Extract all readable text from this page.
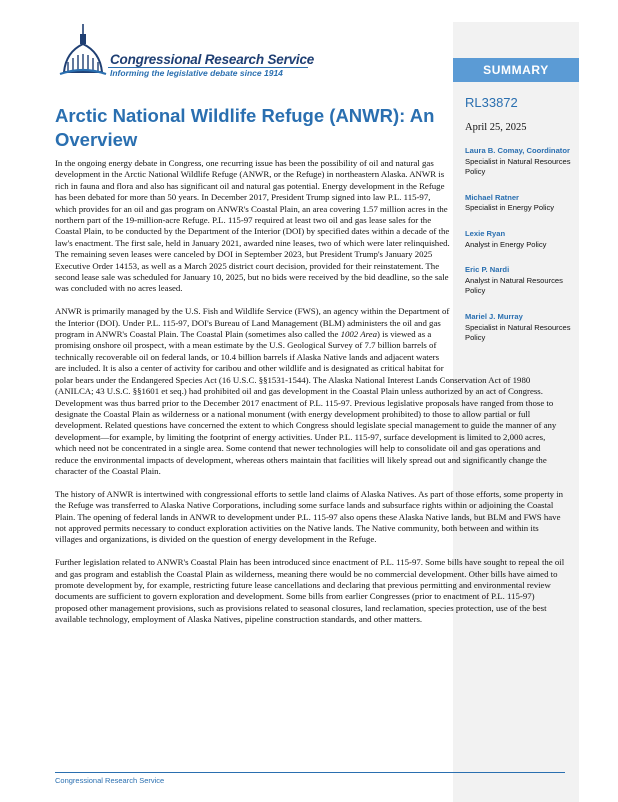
Congressional Research Service
Informing the legislative debate since 1914	SUMMARY
RL33872
April 25, 2025
Laura B. Comay, Coordinator
Specialist in Natural Resources Policy
Michael Ratner
Specialist in Energy Policy
Lexie Ryan
Analyst in Energy Policy
Eric P. Nardi
Analyst in Natural Resources Policy
Mariel J. Murray
Specialist in Natural Resources Policy
Arctic National Wildlife Refuge (ANWR): An Overview

In the ongoing energy debate in Congress, one recurring issue has been the possibility of oil and natural gas development in the Arctic National Wildlife Refuge (ANWR, or the Refuge) in northeastern Alaska. ANWR is rich in fauna and flora and also has significant oil and natural gas potential. Energy development in the Refuge has been debated for more than 50 years. In December 2017, President Trump signed into law P.L. 115-97, which provides for an oil and gas program on ANWR's Coastal Plain, an area covering 1.57 million acres in the northern part of the 19-million-acre Refuge. P.L. 115-97 required at least two oil and gas lease sales for the Coastal Plain, to be conducted by the Department of the Interior (DOI) by specified dates within a decade of the law's enactment. The first sale, held in January 2021, awarded nine leases, two of which were later relinquished. The remaining seven leases were canceled by DOI in September 2023, but President Trump's January 2025 Executive Order 14153, as well as a March 2025 district court decision, provided for their reinstatement. The second lease sale was scheduled for January 10, 2025, but no bids were received by the bid deadline, so the sale was concluded with no acres leased.

ANWR is primarily managed by the U.S. Fish and Wildlife Service (FWS), an agency within the Department of the Interior (DOI). Under P.L. 115-97, DOI's Bureau of Land Management (BLM) administers the oil and gas program in ANWR's Coastal Plain. The Coastal Plain (sometimes also called the 1002 Area) is viewed as a promising onshore oil prospect, with a mean estimate by the U.S. Geological Survey of 7.7 billion barrels of technically recoverable oil on federal lands, or 10.4 billion barrels if Alaska Native lands and adjacent waters are included. It is also a center of activity for caribou and other wildlife and is designated as critical habitat for
polar bears under the Endangered Species Act (16 U.S.C. §§1531-1544). The Alaska National Interest Lands Conservation Act of 1980 (ANILCA; 43 U.S.C. §§1601 et seq.) had prohibited oil and gas development in the Coastal Plain unless authorized by an act of Congress. Development was thus barred prior to the December 2017 enactment of P.L. 115-97. Previous legislative proposals have ranged from those to designate the Coastal Plain as wilderness or a national monument (with energy development prohibited) to those to allow partial or full development. Related questions have concerned the extent to which Congress should legislate special management to guide the manner of any development—for example, by limiting the footprint of energy activities. Under P.L. 115-97, surface development is limited to 2,000 acres, which need not be concentrated in a single area. Some contend that newer technologies will help to consolidate oil and gas operations and reduce the environmental impacts of development, whereas others maintain that facilities will likely spread out and significantly change the character of the Coastal Plain.

The history of ANWR is intertwined with congressional efforts to settle land claims of Alaska Natives. As part of those efforts, some property in the Refuge was transferred to Alaska Native Corporations, including some surface lands and subsurface rights within or adjoining the Coastal Plain. The opening of federal lands in ANWR to development under P.L. 115-97 also opens these Alaska Native lands, but BLM and FWS have not approved permits necessary to conduct exploration activities on the Native lands. The Native community, both between and within its villages and organizations, is divided on the question of energy development in the Refuge.

Further legislation related to ANWR's Coastal Plain has been introduced since enactment of P.L. 115-97. Some bills have sought to repeal the oil and gas program and establish the Coastal Plain as wilderness, meaning there would be no commercial development. Other bills have aimed to promote development by, for example, restricting future lease cancellations and declaring that previous permitting and environmental review documents are sufficient to govern exploration and development. Some bills from earlier Congresses (prior to enactment of P.L. 115-97) proposed other management provisions, such as provisions related to seasonal closures, land reclamation, species protection, use of the best available technology, employment of Alaska Natives, pipeline construction standards, and other matters.

Congressional Research Service
